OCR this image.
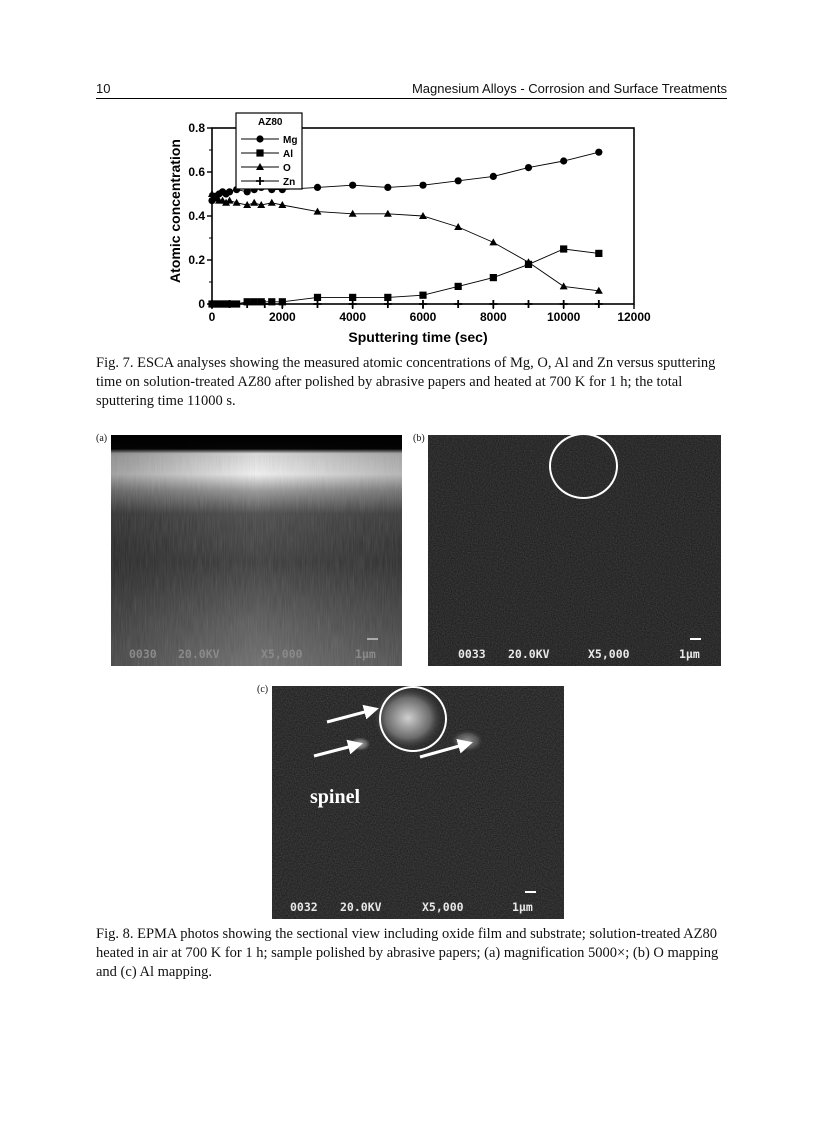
10	Magnesium Alloys - Corrosion and Surface Treatments
0	2000	4000	6000	8000	10000	12000
0
0.2
0.4
0.6
0.8
Sputtering time (sec)
Atomic concentration
AZ80
Mg
Al
O
Zn
Fig. 7. ESCA analyses showing the measured atomic concentrations of Mg, O, Al and Zn versus sputtering time on solution-treated AZ80 after polished by abrasive papers and heated at 700 K for 1 h; the total sputtering time 11000 s.

0030

20.0KV

	X5,000

	1μm

(a)

0033

20.0KV

	X5,000

	1μm

(b)
spinel

0032

20.0KV

	X5,000

	1μm

(c)
Fig. 8. EPMA photos showing the sectional view including oxide film and substrate; solution-treated AZ80 heated in air at 700 K for 1 h; sample polished by abrasive papers; (a) magnification 5000×; (b) O mapping and (c) Al mapping.
